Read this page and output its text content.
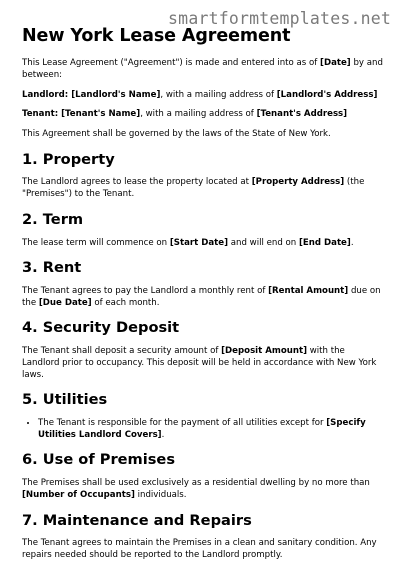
smartformtemplates.net
New York Lease Agreement

This Lease Agreement ("Agreement") is made and entered into as of [Date] by and between:

Landlord: [Landlord's Name], with a mailing address of [Landlord's Address]

Tenant: [Tenant's Name], with a mailing address of [Tenant's Address]

This Agreement shall be governed by the laws of the State of New York.

1. Property

The Landlord agrees to lease the property located at [Property Address] (the "Premises") to the Tenant.

2. Term

The lease term will commence on [Start Date] and will end on [End Date].

3. Rent

The Tenant agrees to pay the Landlord a monthly rent of [Rental Amount] due on the [Due Date] of each month.

4. Security Deposit

The Tenant shall deposit a security amount of [Deposit Amount] with the Landlord prior to occupancy. This deposit will be held in accordance with New York laws.

5. Utilities
• The Tenant is responsible for the payment of all utilities except for [Specify Utilities Landlord Covers].
6. Use of Premises

The Premises shall be used exclusively as a residential dwelling by no more than [Number of Occupants] individuals.

7. Maintenance and Repairs

The Tenant agrees to maintain the Premises in a clean and sanitary condition. Any repairs needed should be reported to the Landlord promptly.
